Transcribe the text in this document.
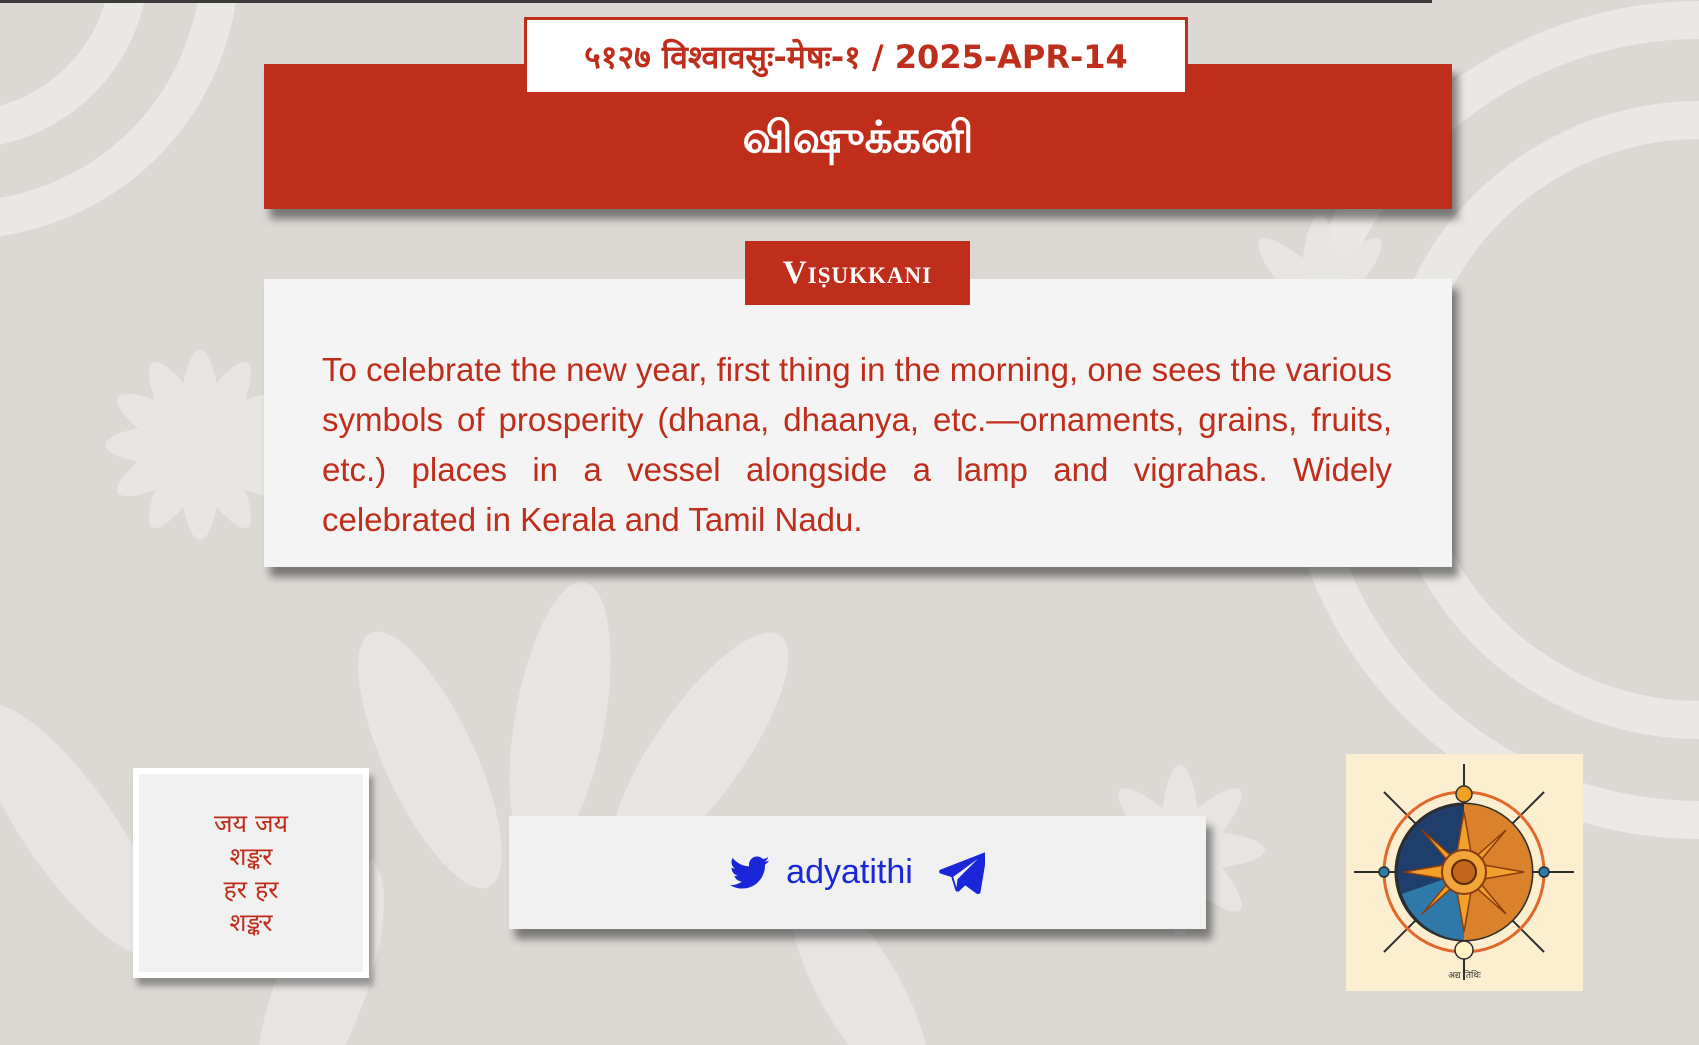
விஷுக்கனி
५१२७ विश्वावसुः-मेषः-१ / 2025-APR-14
Viṣukkani
To celebrate the new year, first thing in the morning, one sees the various symbols of prosperity (dhana, dhaanya, etc.—ornaments, grains, fruits, etc.) places in a vessel alongside a lamp and vigrahas. Widely celebrated in Kerala and Tamil Nadu.
जय जय
शङ्कर
हर हर
शङ्कर
adyatithi
अद्य तिथिः
